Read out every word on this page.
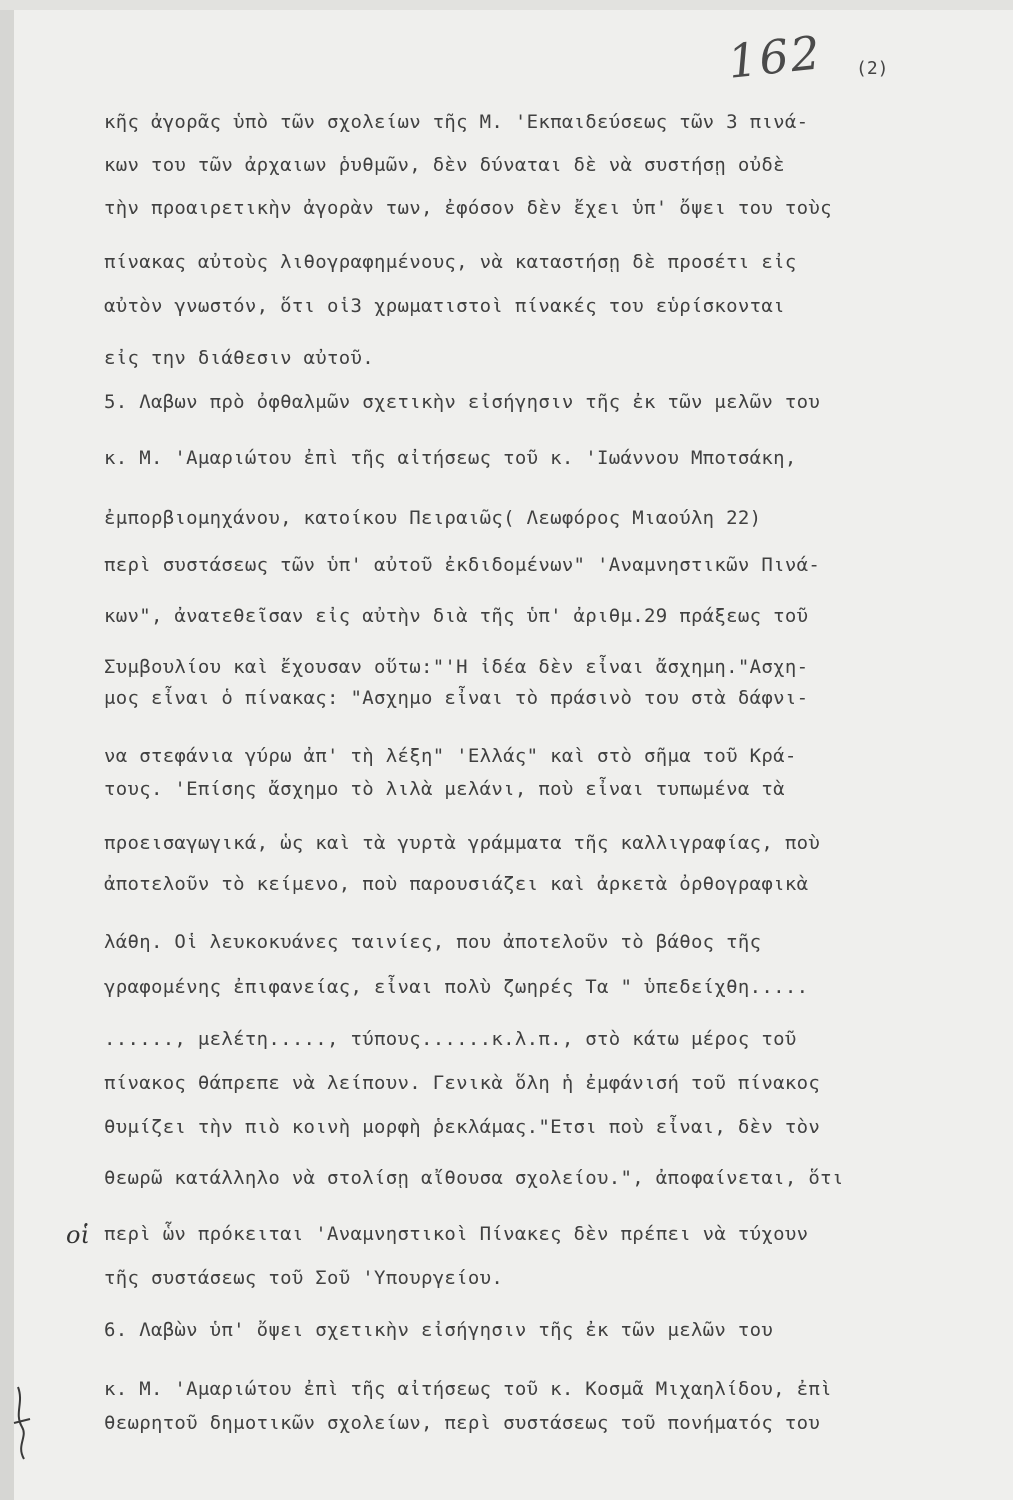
162 (2)
κῆς ἀγορᾶς ὑπὸ τῶν σχολείων τῆς Μ. 'Εκπαιδεύσεως τῶν 3 πινά-
κων του τῶν ἀρχαιων ῥυθμῶν, δὲν δύναται δὲ νὰ συστήσῃ οὐδὲ
τὴν προαιρετικὴν ἀγορὰν των, ἐφόσον δὲν ἔχει ὑπ' ὄψει του τοὺς
πίνακας αὐτοὺς λιθογραφημένους, νὰ καταστήσῃ δὲ προσέτι εἰς
αὐτὸν γνωστόν, ὅτι οἱ3 χρωματιστοὶ πίνακές του εὑρίσκονται
εἰς την διάθεσιν αὐτοῦ.
5. Λαβων πρὸ ὀφθαλμῶν σχετικὴν εἰσήγησιν τῆς ἐκ τῶν μελῶν του
κ. Μ. 'Αμαριώτου ἐπὶ τῆς αἰτήσεως τοῦ κ. 'Ιωάννου Μποτσάκη,
ἐμπορβιομηχάνου, κατοίκου Πειραιῶς( Λεωφόρος Μιαούλη 22)
περὶ συστάσεως τῶν ὑπ' αὐτοῦ ἐκδιδομένων" 'Αναμνηστικῶν Πινά-
κων", ἀνατεθεῖσαν εἰς αὐτὴν διὰ τῆς ὑπ' ἀριθμ.29 πράξεως τοῦ
Συμβουλίου καὶ ἔχουσαν οὕτω:"'Η ἰδέα δὲν εἶναι ἄσχημη."Ασχη-
μος εἶναι ὁ πίνακας: "Ασχημο εἶναι τὸ πράσινὸ του στὰ δάφνι-
να στεφάνια γύρω ἀπ' τὴ λέξη" 'Ελλάς" καὶ στὸ σῆμα τοῦ Κρά-
τους. 'Επίσης ἄσχημο τὸ λιλὰ μελάνι, ποὺ εἶναι τυπωμένα τὰ
προεισαγωγικά, ὡς καὶ τὰ γυρτὰ γράμματα τῆς καλλιγραφίας, ποὺ
ἀποτελοῦν τὸ κείμενο, ποὺ παρουσιάζει καὶ ἀρκετὰ ὀρθογραφικὰ
λάθη. Οἱ λευκοκυάνες ταινίες, που ἀποτελοῦν τὸ βάθος τῆς
γραφομένης ἐπιφανείας, εἶναι πολὺ ζωηρές Τα " ὑπεδείχθη.....
......, μελέτη....., τύπους......κ.λ.π., στὸ κάτω μέρος τοῦ
πίνακος θάπρεπε νὰ λείπουν. Γενικὰ ὅλη ἡ ἐμφάνισή τοῦ πίνακος
θυμίζει τὴν πιὸ κοινὴ μορφὴ ῥεκλάμας."Ετσι ποὺ εἶναι, δὲν τὸν
θεωρῶ κατάλληλο νὰ στολίσῃ αἴθουσα σχολείου.", ἀποφαίνεται, ὅτι
περὶ ὧν πρόκειται 'Αναμνηστικοὶ Πίνακες δὲν πρέπει νὰ τύχουν
τῆς συστάσεως τοῦ Σοῦ 'Υπουργείου.
6. Λαβὼν ὑπ' ὄψει σχετικὴν εἰσήγησιν τῆς ἐκ τῶν μελῶν του
κ. Μ. 'Αμαριώτου ἐπὶ τῆς αἰτήσεως τοῦ κ. Κοσμᾶ Μιχαηλίδου, ἐπὶ
θεωρητοῦ δημοτικῶν σχολείων, περὶ συστάσεως τοῦ πονήματός του
οἱ
